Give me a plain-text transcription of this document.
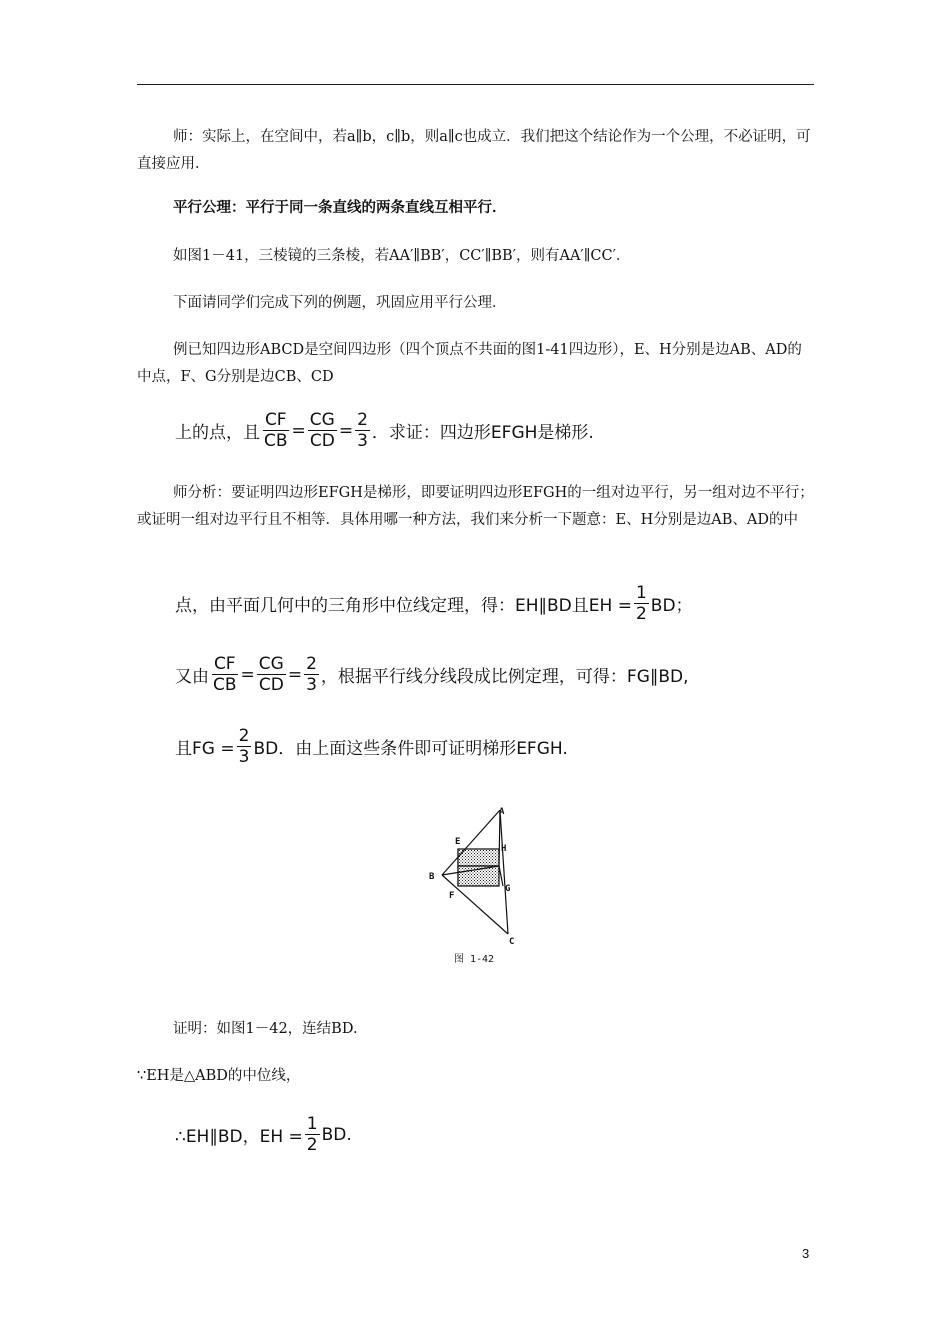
师：实际上，在空间中，若a∥b，c∥b，则a∥c也成立．我们把这个结论作为一个公理，不必证明，可直接应用．

平行公理：平行于同一条直线的两条直线互相平行．

如图1－41，三棱镜的三条棱，若AA′∥BB′，CC′∥BB′，则有AA′∥CC′．

下面请同学们完成下列的例题，巩固应用平行公理．

例已知四边形ABCD是空间四边形（四个顶点不共面的图1-41四边形），E、H分别是边AB、AD的中点，F、G分别是边CB、CD

上的点，且 $\frac{CF}{CB} = \frac{CG}{CD} = \frac{2}{3}$ ．求证：四边形EFGH是梯形.

师分析：要证明四边形EFGH是梯形，即要证明四边形EFGH的一组对边平行，另一组对边不平行；或证明一组对边平行且不相等．具体用哪一种方法，我们来分析一下题意：E、H分别是边AB、AD的中

点，由平面几何中的三角形中位线定理，得：EH∥BD且EH = $\frac{1}{2}$ BD；
又由 $\frac{CF}{CB} = \frac{CG}{CD} = \frac{2}{3}$ ，根据平行线分线段成比例定理，可得：FG∥BD,
且FG = $\frac{2}{3}$ BD．由上面这些条件即可证明梯形EFGH.
A
E
H
B
G
F
C
图 1-42

证明：如图1－42，连结BD.

∵EH是△ABD的中位线，

∴EH∥BD，EH = $\frac{1}{2}$ BD.
3
